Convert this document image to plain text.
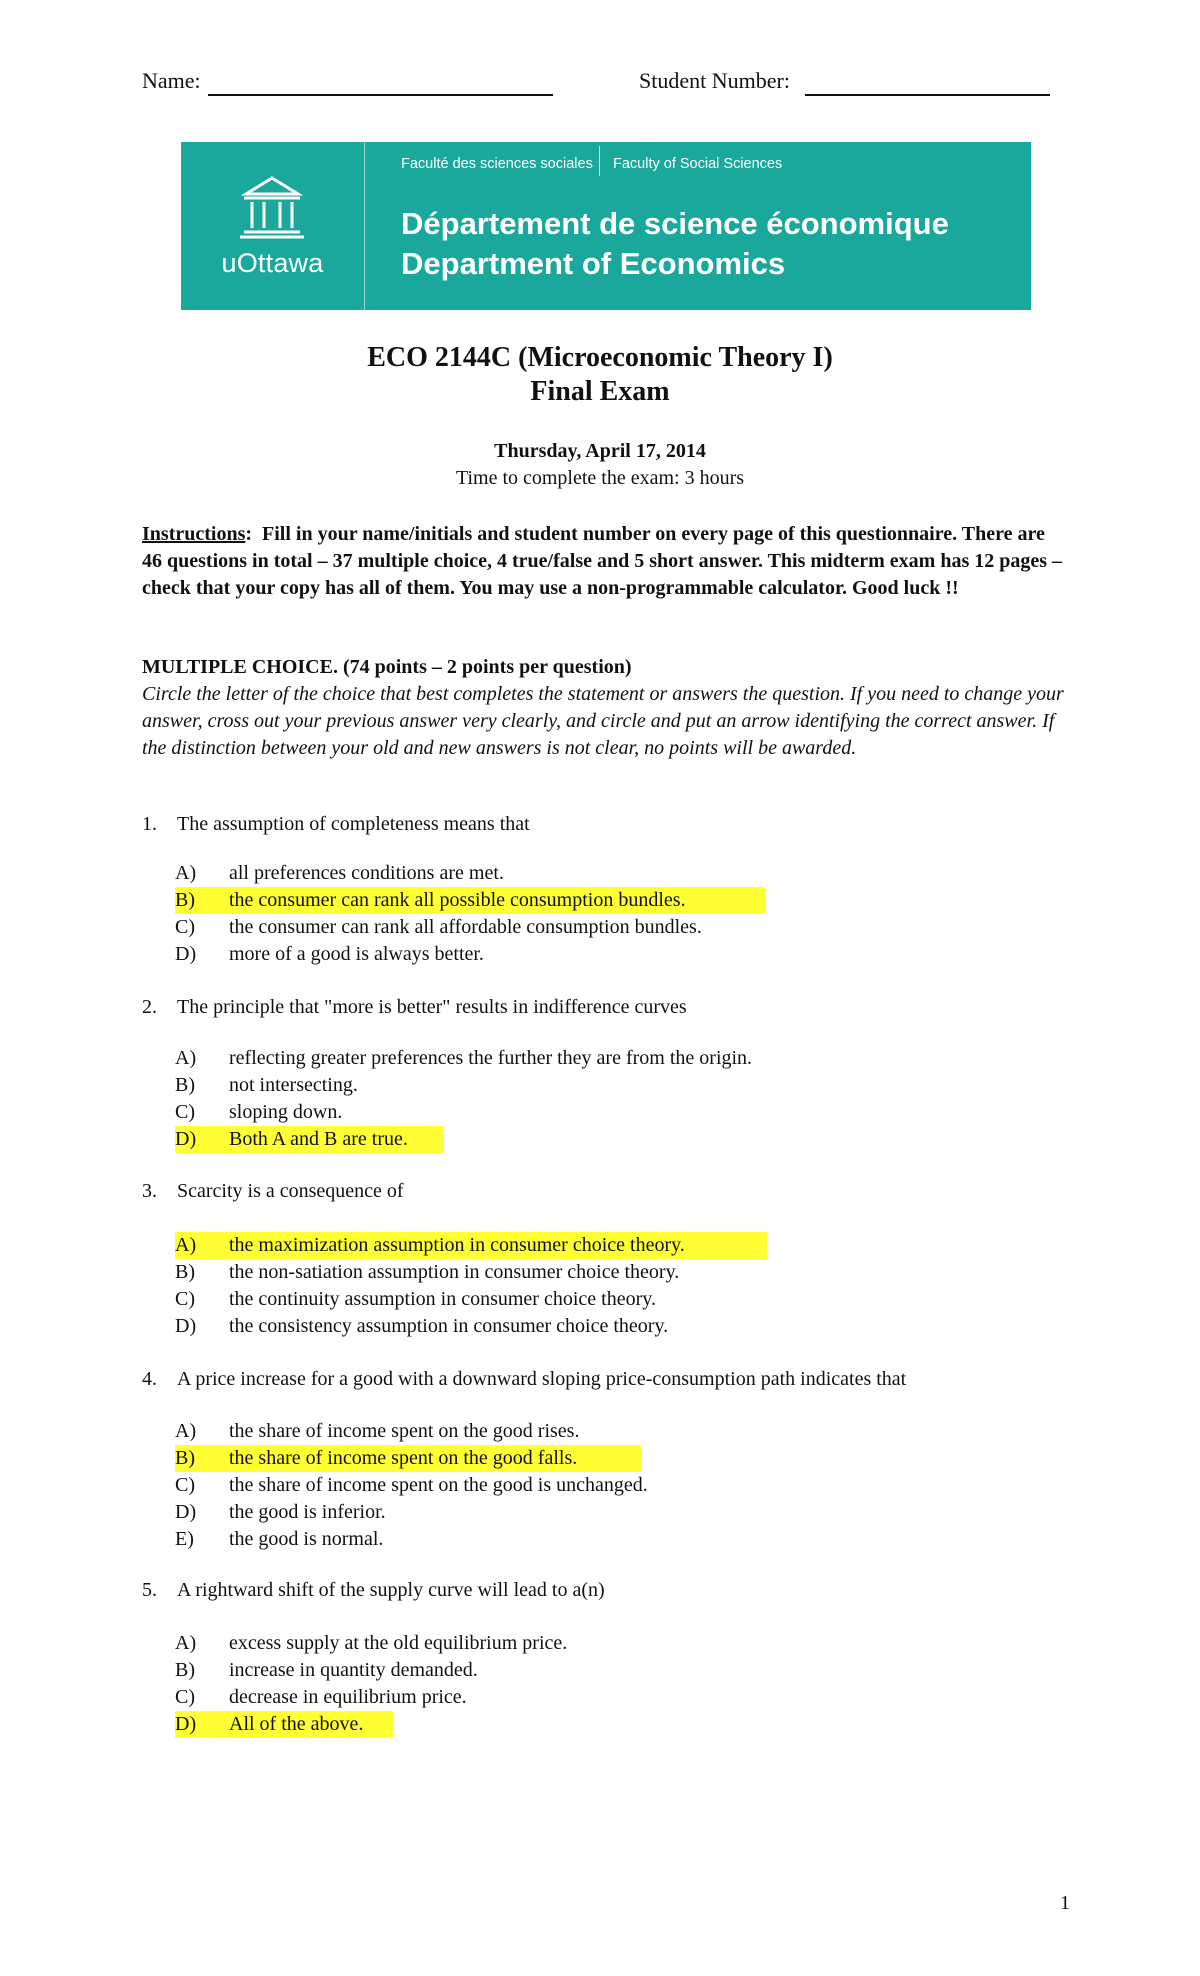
Name:	Student Number:
uOttawa
Faculté des sciences sociales Faculty of Social Sciences
Département de science économique
Department of Economics
ECO 2144C (Microeconomic Theory I)
Final Exam
Thursday, April 17, 2014
Time to complete the exam: 3 hours
Instructions:  Fill in your name/initials and student number on every page of this questionnaire. There are 46 questions in total – 37 multiple choice, 4 true/false and 5 short answer. This midterm exam has 12 pages – check that your copy has all of them. You may use a non-programmable calculator. Good luck !!
MULTIPLE CHOICE. (74 points – 2 points per question)
Circle the letter of the choice that best completes the statement or answers the question. If you need to change your answer, cross out your previous answer very clearly, and circle and put an arrow identifying the correct answer. If the distinction between your old and new answers is not clear, no points will be awarded.
1. The assumption of completeness means that
A)	all preferences conditions are met.
B)	the consumer can rank all possible consumption bundles.
C)	the consumer can rank all affordable consumption bundles.
D)	more of a good is always better.
2. The principle that "more is better" results in indifference curves
A)	reflecting greater preferences the further they are from the origin.
B)	not intersecting.
C)	sloping down.
D)	Both A and B are true.
3. Scarcity is a consequence of
A)	the maximization assumption in consumer choice theory.
B)	the non-satiation assumption in consumer choice theory.
C)	the continuity assumption in consumer choice theory.
D)	the consistency assumption in consumer choice theory.
4. A price increase for a good with a downward sloping price-consumption path indicates that
A)	the share of income spent on the good rises.
B)	the share of income spent on the good falls.
C)	the share of income spent on the good is unchanged.
D)	the good is inferior.
E)	the good is normal.
5. A rightward shift of the supply curve will lead to a(n)
A)	excess supply at the old equilibrium price.
B)	increase in quantity demanded.
C)	decrease in equilibrium price.
D)	All of the above.
1
